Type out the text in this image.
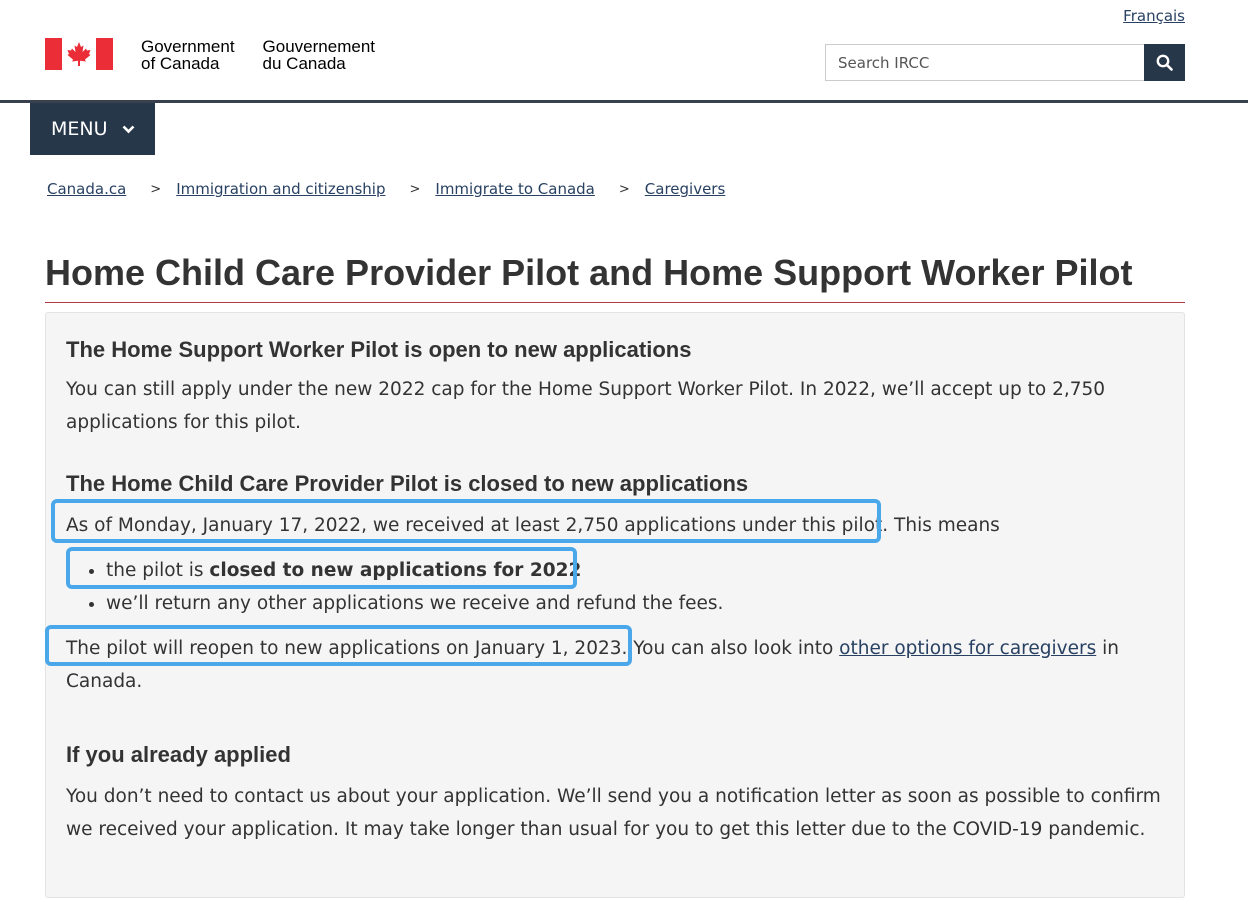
Français
Government
of Canada
Gouvernement
du Canada
Search IRCC
MENU
Canada.ca > Immigration and citizenship > Immigrate to Canada > Caregivers
Home Child Care Provider Pilot and Home Support Worker Pilot
The Home Support Worker Pilot is open to new applications

You can still apply under the new 2022 cap for the Home Support Worker Pilot. In 2022, we’ll accept up to 2,750 applications for this pilot.

The Home Child Care Provider Pilot is closed to new applications

As of Monday, January 17, 2022, we received at least 2,750 applications under this pilot. This means

• the pilot is closed to new applications for 2022
• we’ll return any other applications we receive and refund the fees.

The pilot will reopen to new applications on January 1, 2023. You can also look into other options for caregivers in Canada.

If you already applied

You don’t need to contact us about your application. We’ll send you a notification letter as soon as possible to confirm we received your application. It may take longer than usual for you to get this letter due to the COVID-19 pandemic.
